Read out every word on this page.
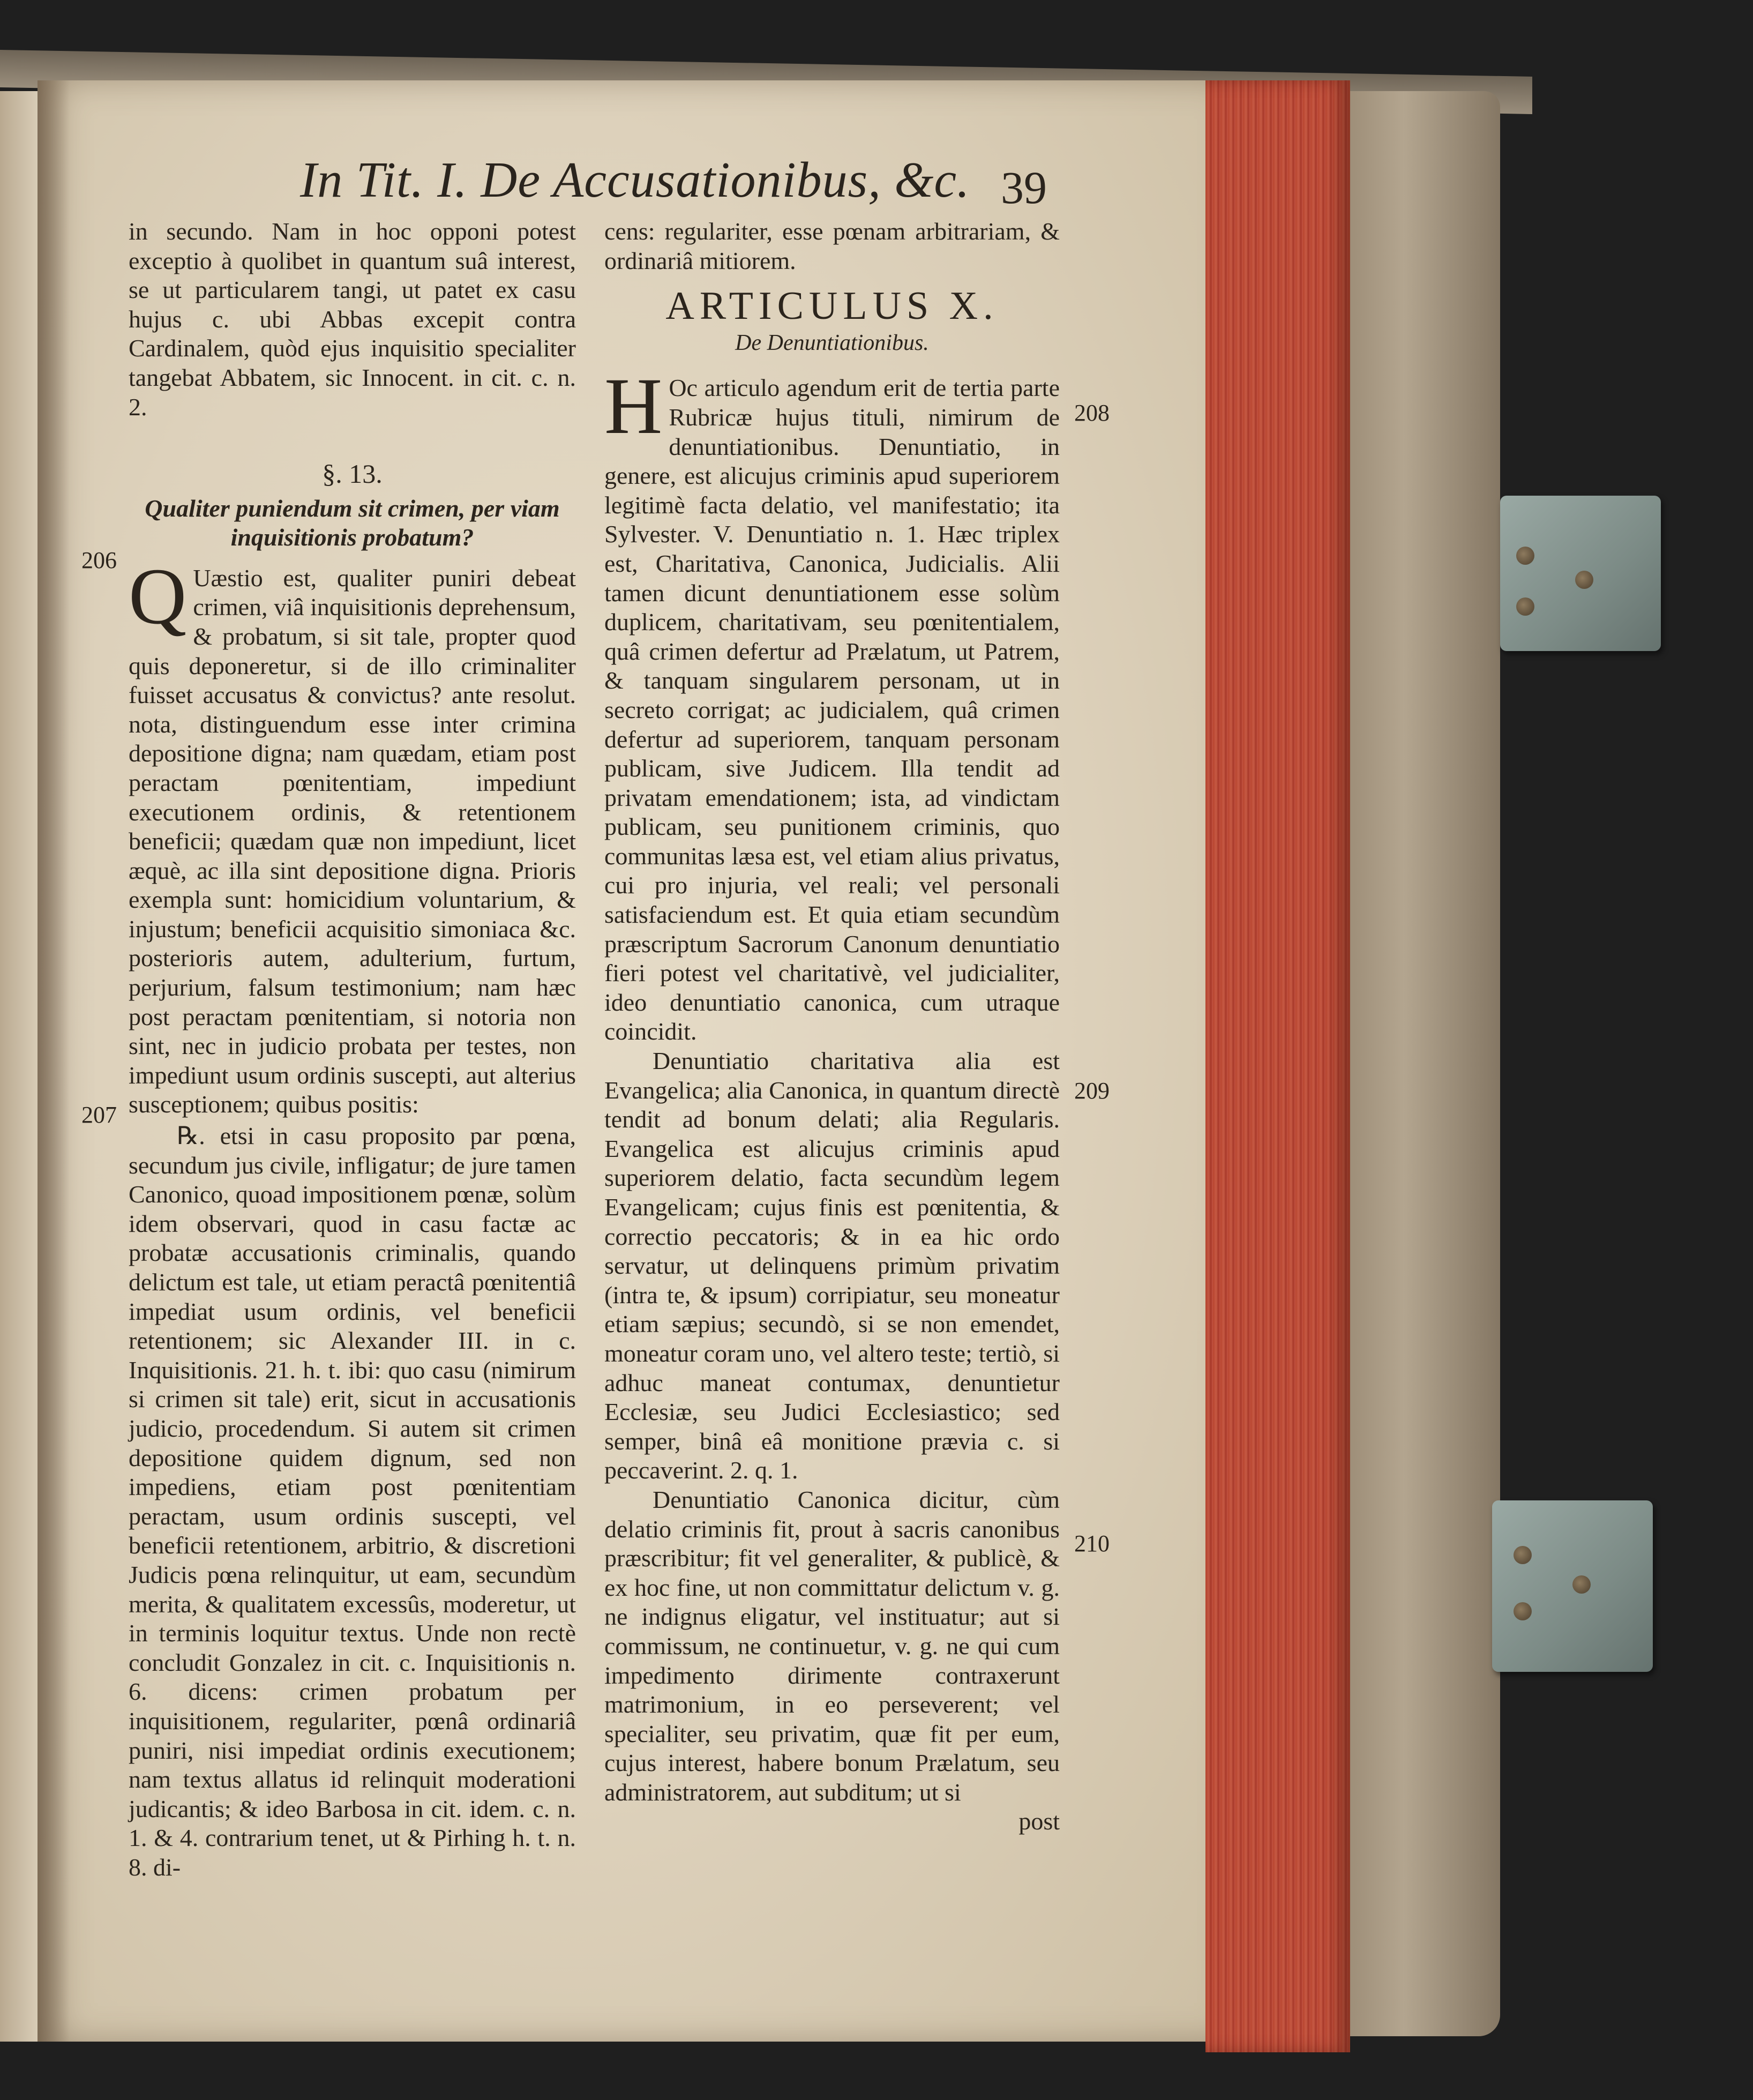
In Tit. I. De Accusationibus, &c. 39

in secundo. Nam in hoc opponi potest exceptio à quolibet in quantum suâ interest, se ut particularem tangi, ut patet ex casu hujus c. ubi Abbas excepit contra Cardinalem, quòd ejus inquisitio specialiter tangebat Abbatem, sic Innocent. in cit. c. n. 2.

§. 13.
Qualiter puniendum sit crimen, per viam inquisitionis probatum?

Q Uæstio est, qualiter puniri debeat crimen, viâ inquisitionis deprehensum, & probatum, si sit tale, propter quod quis deponeretur, si de illo criminaliter fuisset accusatus & convictus? ante resolut. nota, distinguendum esse inter crimina depositione digna; nam quædam, etiam post peractam pœnitentiam, impediunt executionem ordinis, & retentionem beneficii; quædam quæ non impediunt, licet æquè, ac illa sint depositione digna. Prioris exempla sunt: homicidium voluntarium, & injustum; beneficii acquisitio simoniaca &c. posterioris autem, adulterium, furtum, perjurium, falsum testimonium; nam hæc post peractam pœnitentiam, si notoria non sint, nec in judicio probata per testes, non impediunt usum ordinis suscepti, aut alterius susceptionem; quibus positis:

℞. etsi in casu proposito par pœna, secundum jus civile, infligatur; de jure tamen Canonico, quoad impositionem pœnæ, solùm idem observari, quod in casu factæ ac probatæ accusationis criminalis, quando delictum est tale, ut etiam peractâ pœnitentiâ impediat usum ordinis, vel beneficii retentionem; sic Alexander III. in c. Inquisitionis. 21. h. t. ibi: quo casu (nimirum si crimen sit tale) erit, sicut in accusationis judicio, procedendum. Si autem sit crimen depositione quidem dignum, sed non impediens, etiam post pœnitentiam peractam, usum ordinis suscepti, vel beneficii retentionem, arbitrio, & discretioni Judicis pœna relinquitur, ut eam, secundùm merita, & qualitatem excessûs, moderetur, ut in terminis loquitur textus. Unde non rectè concludit Gonzalez in cit. c. Inquisitionis n. 6. dicens: crimen probatum per inquisitionem, regulariter, pœnâ ordinariâ puniri, nisi impediat ordinis executionem; nam textus allatus id relinquit moderationi judicantis; & ideo Barbosa in cit. idem. c. n. 1. & 4. contrarium tenet, ut & Pirhing h. t. n. 8. di-

cens: regulariter, esse pœnam arbitrariam, & ordinariâ mitiorem.

ARTICULUS X.
De Denuntiationibus.

H Oc articulo agendum erit de tertia parte Rubricæ hujus tituli, nimirum de denuntiationibus. Denuntiatio, in genere, est alicujus criminis apud superiorem legitimè facta delatio, vel manifestatio; ita Sylvester. V. Denuntiatio n. 1. Hæc triplex est, Charitativa, Canonica, Judicialis. Alii tamen dicunt denuntiationem esse solùm duplicem, charitativam, seu pœnitentialem, quâ crimen defertur ad Prælatum, ut Patrem, & tanquam singularem personam, ut in secreto corrigat; ac judicialem, quâ crimen defertur ad superiorem, tanquam personam publicam, sive Judicem. Illa tendit ad privatam emendationem; ista, ad vindictam publicam, seu punitionem criminis, quo communitas læsa est, vel etiam alius privatus, cui pro injuria, vel reali; vel personali satisfaciendum est. Et quia etiam secundùm præscriptum Sacrorum Canonum denuntiatio fieri potest vel charitativè, vel judicialiter, ideo denuntiatio canonica, cum utraque coincidit.

Denuntiatio charitativa alia est Evangelica; alia Canonica, in quantum directè tendit ad bonum delati; alia Regularis. Evangelica est alicujus criminis apud superiorem delatio, facta secundùm legem Evangelicam; cujus finis est pœnitentia, & correctio peccatoris; & in ea hic ordo servatur, ut delinquens primùm privatim (intra te, & ipsum) corripiatur, seu moneatur etiam sæpius; secundò, si se non emendet, moneatur coram uno, vel altero teste; tertiò, si adhuc maneat contumax, denuntietur Ecclesiæ, seu Judici Ecclesiastico; sed semper, binâ eâ monitione prævia c. si peccaverint. 2. q. 1.

Denuntiatio Canonica dicitur, cùm delatio criminis fit, prout à sacris canonibus præscribitur; fit vel generaliter, & publicè, & ex hoc fine, ut non committatur delictum v. g. ne indignus eligatur, vel instituatur; aut si commissum, ne continuetur, v. g. ne qui cum impedimento dirimente contraxerunt matrimonium, in eo perseverent; vel specialiter, seu privatim, quæ fit per eum, cujus interest, habere bonum Prælatum, seu administratorem, aut subditum; ut si

post
206
207
208
209
210
